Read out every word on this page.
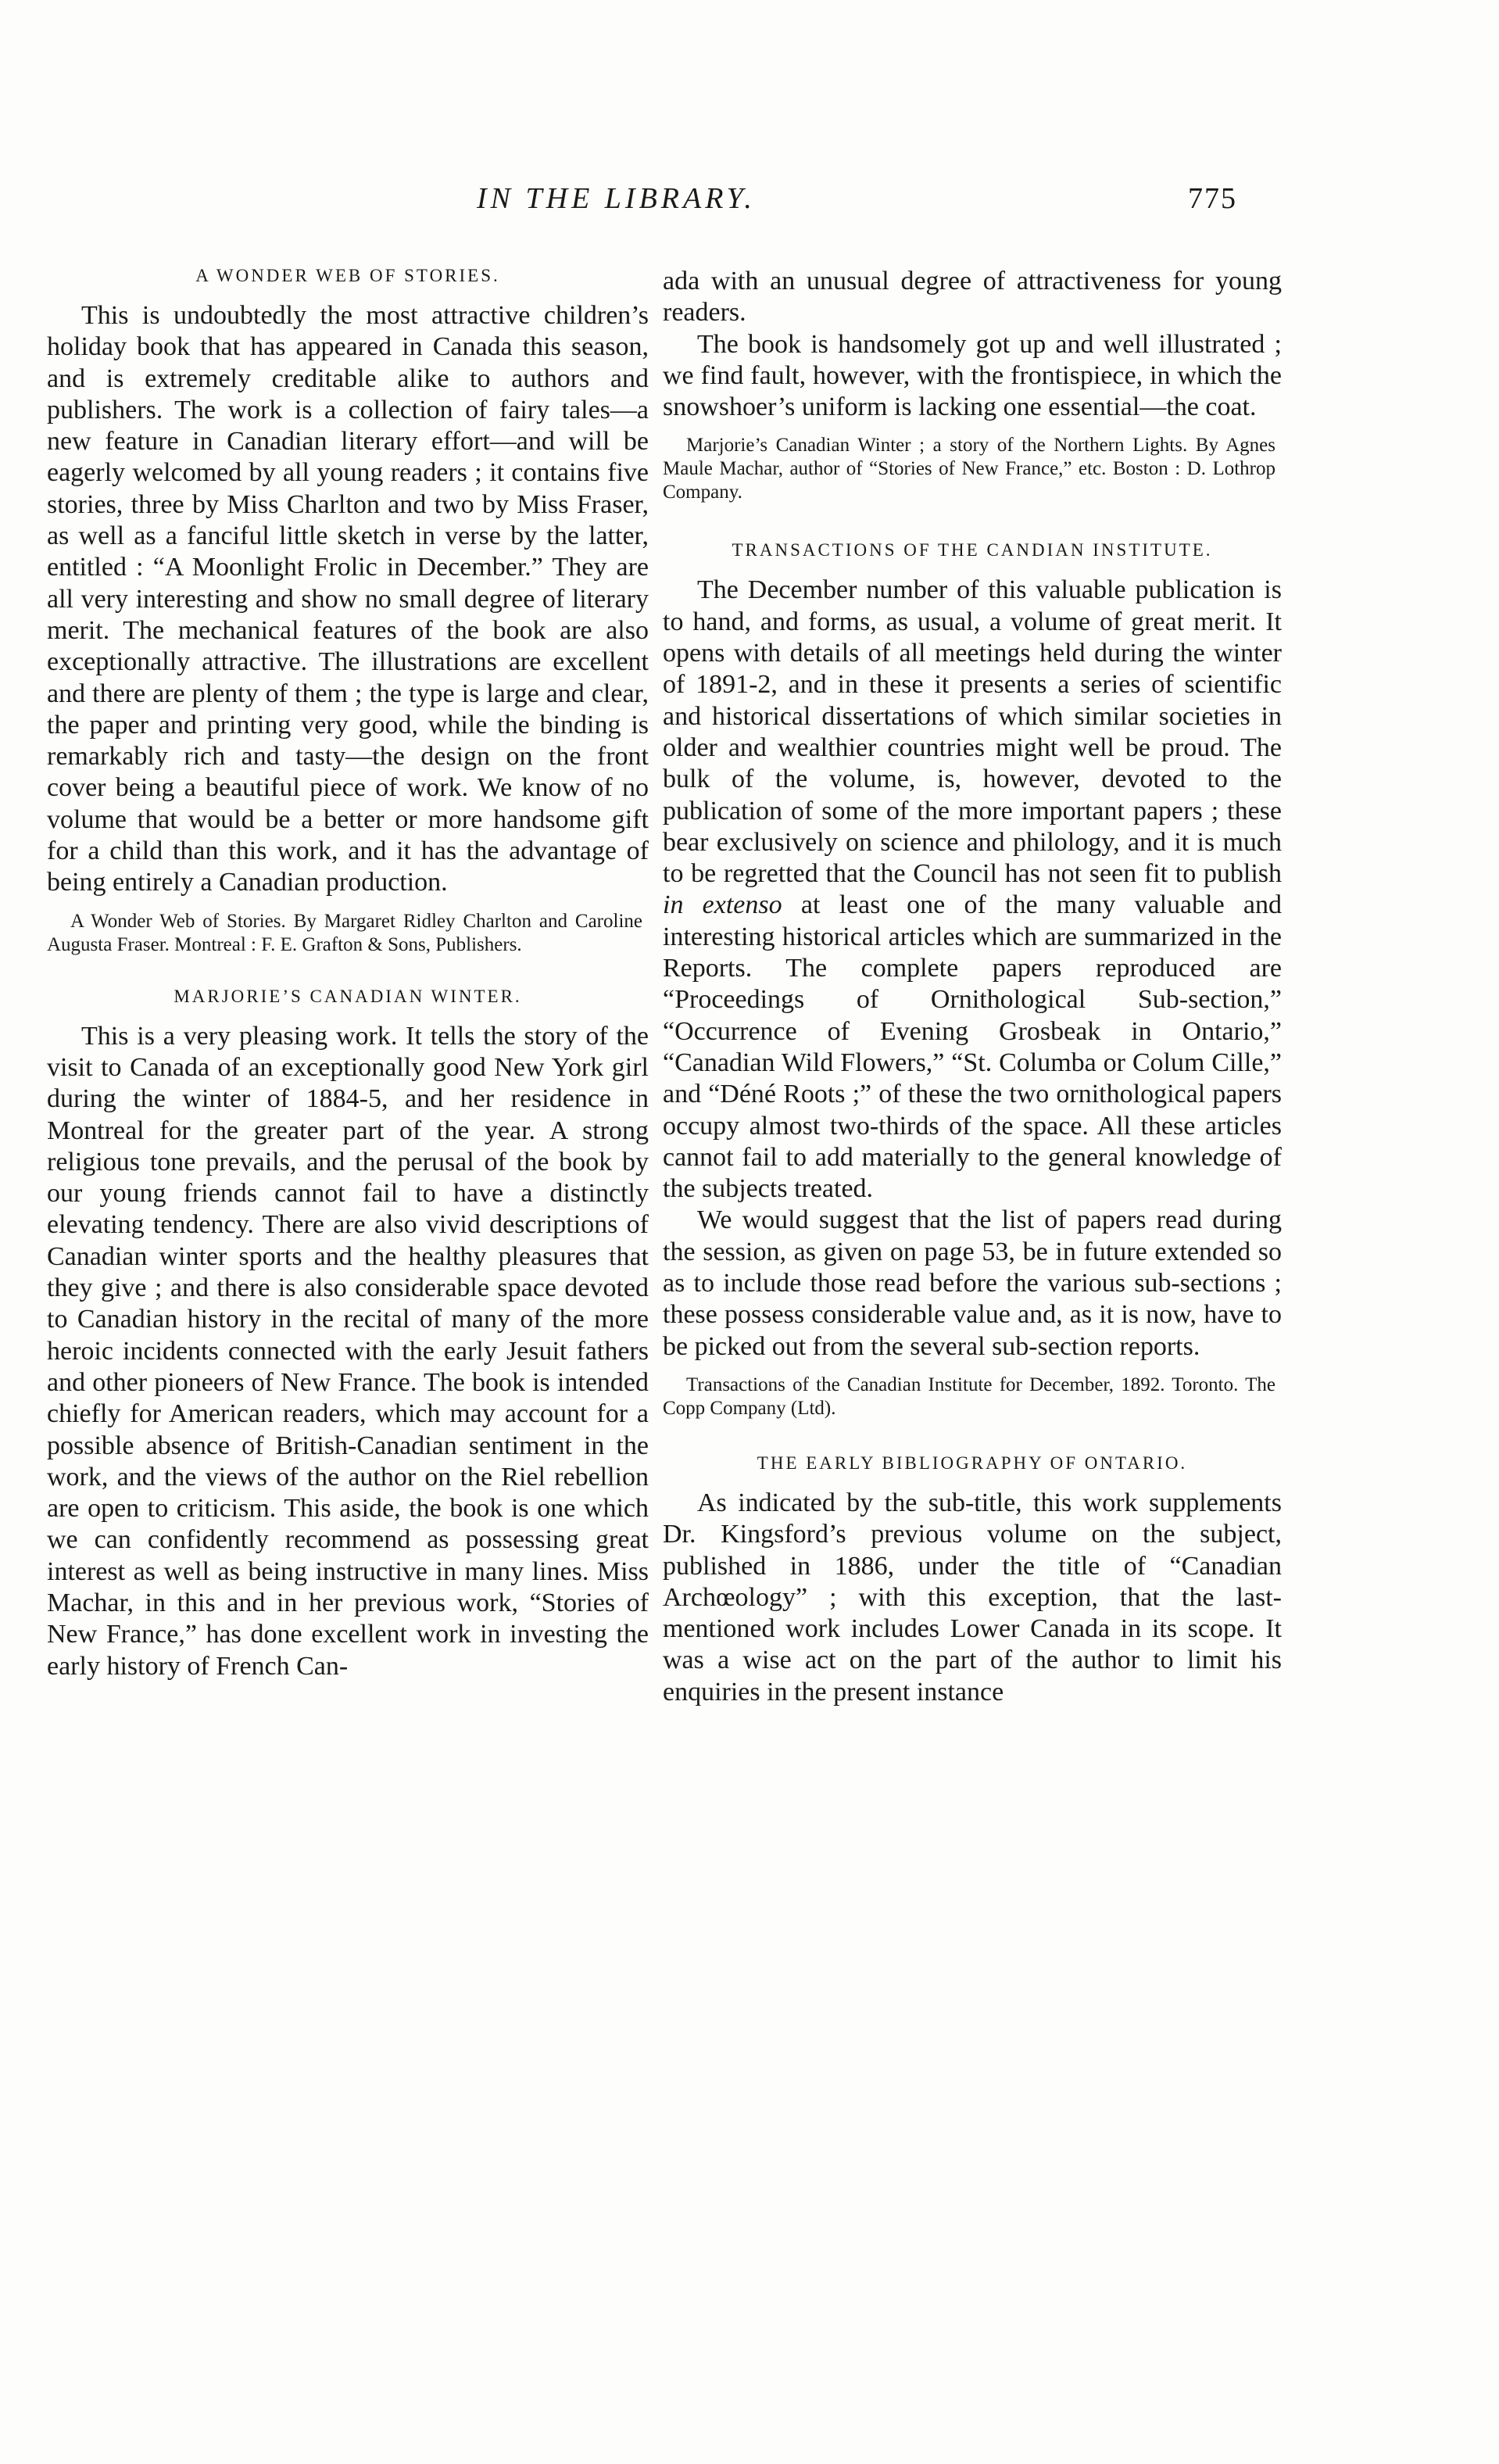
IN THE LIBRARY.	775
A WONDER WEB OF STORIES.

This is undoubtedly the most attractive children’s holiday book that has appeared in Canada this season, and is extremely creditable alike to authors and publishers. The work is a collection of fairy tales—a new feature in Canadian literary effort—and will be eagerly welcomed by all young readers ; it contains five stories, three by Miss Charlton and two by Miss Fraser, as well as a fanciful little sketch in verse by the latter, entitled : “A Moonlight Frolic in December.” They are all very interesting and show no small degree of literary merit. The mechanical features of the book are also exceptionally attractive. The illustrations are excellent and there are plenty of them ; the type is large and clear, the paper and printing very good, while the binding is remarkably rich and tasty—the design on the front cover being a beautiful piece of work. We know of no volume that would be a better or more handsome gift for a child than this work, and it has the advantage of being entirely a Canadian production.

A Wonder Web of Stories. By Margaret Ridley Charlton and Caroline Augusta Fraser. Montreal : F. E. Grafton & Sons, Publishers.

MARJORIE’S CANADIAN WINTER.

This is a very pleasing work. It tells the story of the visit to Canada of an exceptionally good New York girl during the winter of 1884-5, and her residence in Montreal for the greater part of the year. A strong religious tone prevails, and the perusal of the book by our young friends cannot fail to have a distinctly elevating tendency. There are also vivid descriptions of Canadian winter sports and the healthy pleasures that they give ; and there is also considerable space devoted to Canadian history in the recital of many of the more heroic incidents connected with the early Jesuit fathers and other pioneers of New France. The book is intended chiefly for American readers, which may account for a possible absence of British-Canadian sentiment in the work, and the views of the author on the Riel rebellion are open to criticism. This aside, the book is one which we can confidently recommend as possessing great interest as well as being instructive in many lines. Miss Machar, in this and in her previous work, “Stories of New France,” has done excellent work in investing the early history of French Can-

ada with an unusual degree of attractiveness for young readers.

The book is handsomely got up and well illustrated ; we find fault, however, with the frontispiece, in which the snowshoer’s uniform is lacking one essential—the coat.

Marjorie’s Canadian Winter ; a story of the Northern Lights. By Agnes Maule Machar, author of “Stories of New France,” etc. Boston : D. Lothrop Company.

TRANSACTIONS OF THE CANDIAN INSTITUTE.

The December number of this valuable publication is to hand, and forms, as usual, a volume of great merit. It opens with details of all meetings held during the winter of 1891-2, and in these it presents a series of scientific and historical dissertations of which similar societies in older and wealthier countries might well be proud. The bulk of the volume, is, however, devoted to the publication of some of the more important papers ; these bear exclusively on science and philology, and it is much to be regretted that the Council has not seen fit to publish in extenso at least one of the many valuable and interesting historical articles which are summarized in the Reports. The complete papers reproduced are “Proceedings of Ornithological Sub-section,” “Occurrence of Evening Grosbeak in Ontario,” “Canadian Wild Flowers,” “St. Columba or Colum Cille,” and “Déné Roots ;” of these the two ornithological papers occupy almost two-thirds of the space. All these articles cannot fail to add materially to the general knowledge of the subjects treated.

We would suggest that the list of papers read during the session, as given on page 53, be in future extended so as to include those read before the various sub-sections ; these possess considerable value and, as it is now, have to be picked out from the several sub-section reports.

Transactions of the Canadian Institute for December, 1892. Toronto. The Copp Company (Ltd).

THE EARLY BIBLIOGRAPHY OF ONTARIO.

As indicated by the sub-title, this work supplements Dr. Kingsford’s previous volume on the subject, published in 1886, under the title of “Canadian Archœology” ; with this exception, that the last-mentioned work includes Lower Canada in its scope. It was a wise act on the part of the author to limit his enquiries in the present instance
